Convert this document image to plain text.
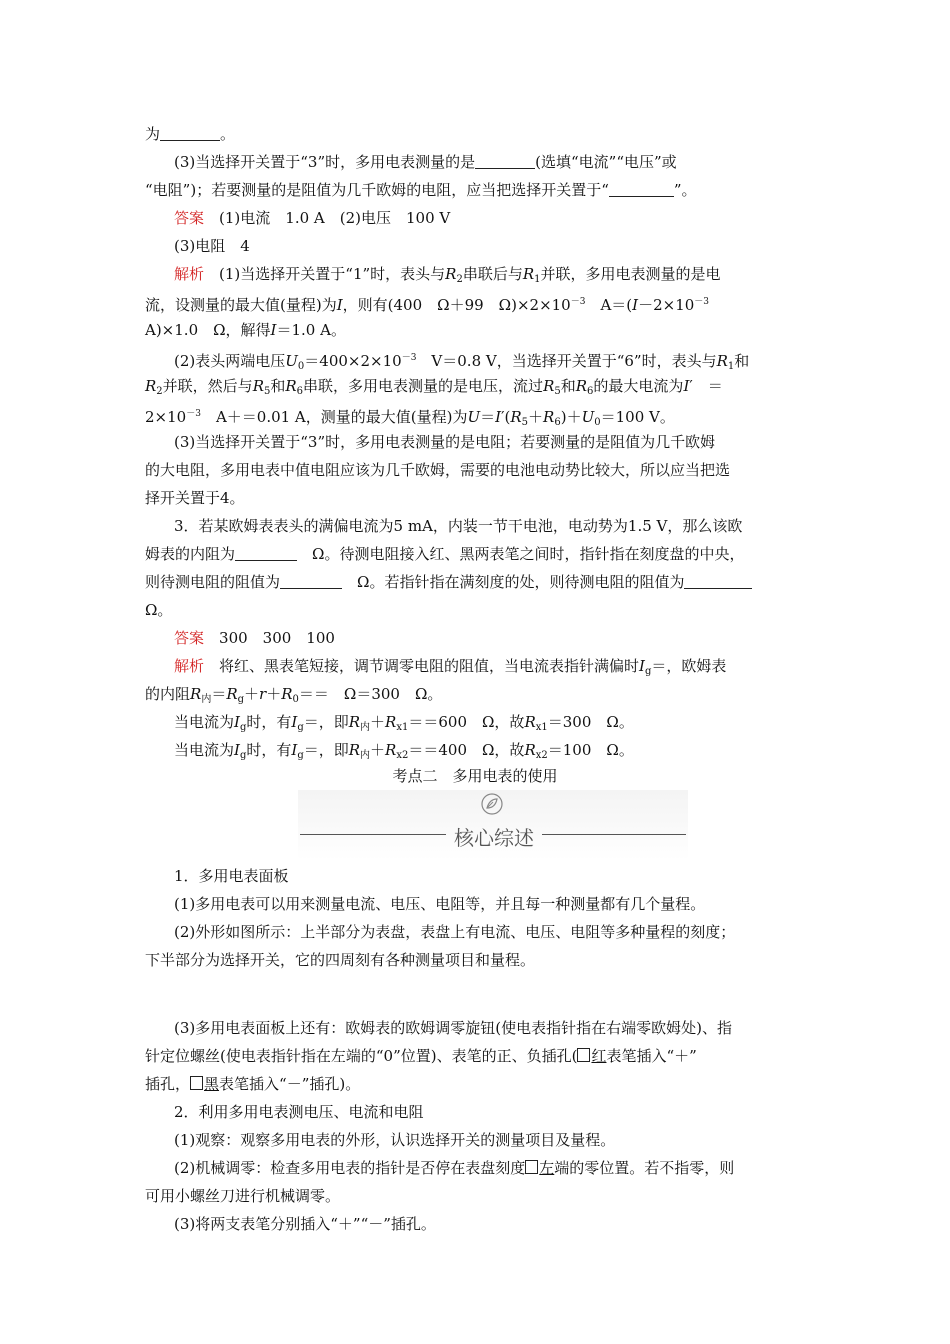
为	。
(3)当选择开关置于“3”时，多用电表测量的是	(选填“电流”“电压”或
“电阻”)；若要测量的是阻值为几千欧姆的电阻，应当把选择开关置于“	”。
答案　 (1)电流　1.0 A　(2)电压　100 V
(3)电阻　4
解析　 (1)当选择开关置于“1”时，表头与$R_2$串联后与$R_1$并联，多用电表测量的是电
流，设测量的最大值(量程)为I，则有(400　Ω＋99　$\Omega)\times 2\times 10^{-3}$　$A=(I-2\times 10^{-3}$
A)×1.0　Ω，解得I＝1.0 A。
(2)表头两端电压$U_0=400\times 2\times 10^{-3}$　V＝0.8 V，当选择开关置于“6”时，表头与$R_1$和
$R_2$并联，然后与$R_5$和$R_6$串联，多用电表测量的是电压，流过$R_5$和$R_6$的最大电流为I′　＝
$2\times 10^{-3}$　A＋＝0.01 A，测量的最大值(量程)为$U=I'(R_5+R_6)+U_0=100$ V。
(3)当选择开关置于“3”时，多用电表测量的是电阻；若要测量的是阻值为几千欧姆
的大电阻，多用电表中值电阻应该为几千欧姆，需要的电池电动势比较大，所以应当把选
择开关置于4。
3．若某欧姆表表头的满偏电流为5 mA，内装一节干电池，电动势为1.5 V，那么该欧
姆表的内阻为	　Ω。待测电阻接入红、黑两表笔之间时，指针指在刻度盘的中央，
则待测电阻的阻值为	　Ω。若指针指在满刻度的处，则待测电阻的阻值为
Ω。
答案　 300　300　100
解析　 将红、黑表笔短接，调节调零电阻的阻值，当电流表指针满偏时$I_g=$，欧姆表
的内阻$R_内=R_g+r+R_0==$　Ω＝300　Ω。
当电流为$I_g$时，有$I_g=$，即$R_内+R_{x1}==600$　Ω，故$R_{x1}=300$　Ω。
当电流为$I_g$时，有$I_g=$，即$R_内+R_{x2}==400$　Ω，故$R_{x2}=100$　Ω。
考点二　多用电表的使用
核心综述
1．多用电表面板
(1)多用电表可以用来测量电流、电压、电阻等，并且每一种测量都有几个量程。
(2)外形如图所示：上半部分为表盘，表盘上有电流、电压、电阻等多种量程的刻度；
下半部分为选择开关，它的四周刻有各种测量项目和量程。
(3)多用电表面板上还有：欧姆表的欧姆调零旋钮(使电表指针指在右端零欧姆处)、指
针定位螺丝(使电表指针指在左端的“0”位置)、表笔的正、负插孔( 红表笔插入“＋”
插孔， 黑表笔插入“－”插孔)。
2．利用多用电表测电压、电流和电阻
(1)观察：观察多用电表的外形，认识选择开关的测量项目及量程。
(2)机械调零：检查多用电表的指针是否停在表盘刻度 左端的零位置。若不指零，则
可用小螺丝刀进行机械调零。
(3)将两支表笔分别插入“＋”“－”插孔。
